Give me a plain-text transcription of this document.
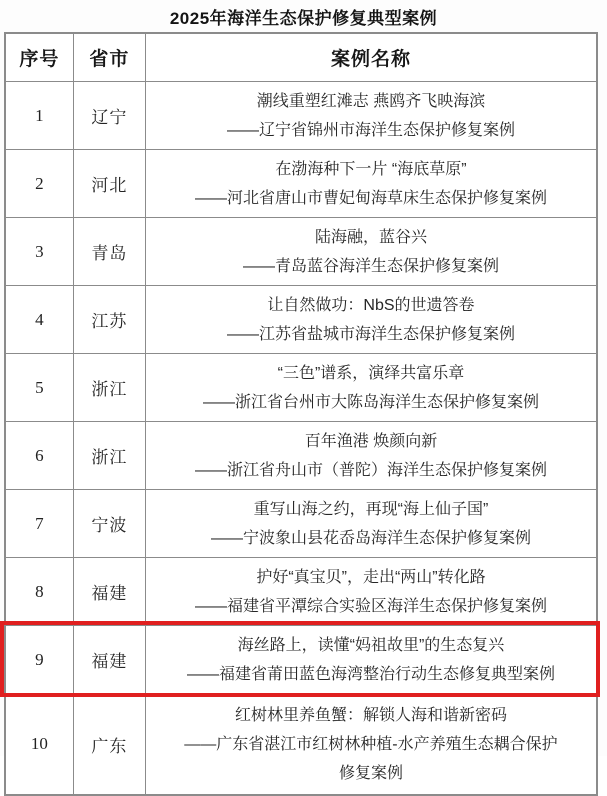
2025年海洋生态保护修复典型案例
序号	省市	案例名称
1	辽宁	潮线重塑红滩志 燕鸥齐飞映海滨
——辽宁省锦州市海洋生态保护修复案例

2	河北	在渤海种下一片 “海底草原”
——河北省唐山市曹妃甸海草床生态保护修复案例

3	青岛	陆海融，蓝谷兴
——青岛蓝谷海洋生态保护修复案例

4	江苏	让自然做功：NbS的世遗答卷
——江苏省盐城市海洋生态保护修复案例

5	浙江	“三色”谱系，演绎共富乐章
——浙江省台州市大陈岛海洋生态保护修复案例

6	浙江	百年渔港 焕颜向新
——浙江省舟山市（普陀）海洋生态保护修复案例

7	宁波	重写山海之约，再现“海上仙子国”
——宁波象山县花岙岛海洋生态保护修复案例

8	福建	护好“真宝贝”，走出“两山”转化路
——福建省平潭综合实验区海洋生态保护修复案例

9	福建	海丝路上，读懂“妈祖故里”的生态复兴
——福建省莆田蓝色海湾整治行动生态修复典型案例

10	广东	红树林里养鱼蟹：解锁人海和谐新密码
——广东省湛江市红树林种植-水产养殖生态耦合保护
修复案例
